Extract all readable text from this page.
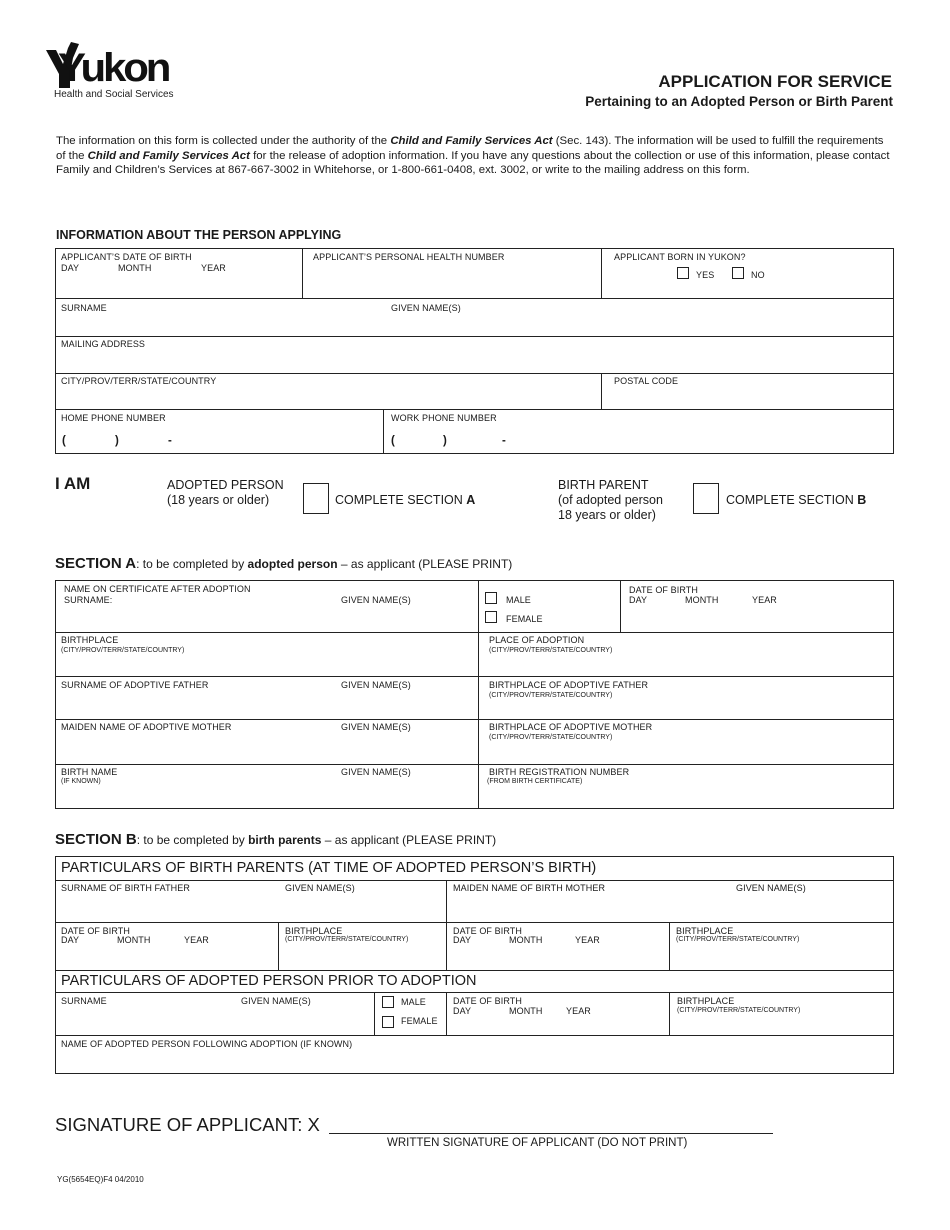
Yukon
Health and Social Services
APPLICATION FOR SERVICE
Pertaining to an Adopted Person or Birth Parent
The information on this form is collected under the authority of the Child and Family Services Act (Sec. 143). The information will be used to fulfill the requirements of the Child and Family Services Act for the release of adoption information. If you have any questions about the collection or use of this information, please contact Family and Children’s Services at 867-667-3002 in Whitehorse, or 1-800-661-0408, ext. 3002, or write to the mailing address on this form.
INFORMATION ABOUT THE PERSON APPLYING
APPLICANT’S DATE OF BIRTH
DAY	MONTH	YEAR
APPLICANT’S PERSONAL HEALTH NUMBER	APPLICANT BORN IN YUKON?
YES	NO
SURNAME	GIVEN NAME(S)
MAILING ADDRESS
CITY/PROV/TERR/STATE/COUNTRY	POSTAL CODE
HOME PHONE NUMBER
(	)	-
WORK PHONE NUMBER
(	)	-
I AM	ADOPTED PERSON
(18 years or older)	COMPLETE SECTION A
BIRTH PARENT
(of adopted person
18 years or older)
COMPLETE SECTION B
SECTION A: to be completed by adopted person – as applicant (PLEASE PRINT)
NAME ON CERTIFICATE AFTER ADOPTION
SURNAME:	GIVEN NAME(S)	MALE
FEMALE
DATE OF BIRTH
DAY	MONTH	YEAR
BIRTHPLACE
(CITY/PROV/TERR/STATE/COUNTRY)
PLACE OF ADOPTION
(CITY/PROV/TERR/STATE/COUNTRY)
SURNAME OF ADOPTIVE FATHER	GIVEN NAME(S)	BIRTHPLACE OF ADOPTIVE FATHER
(CITY/PROV/TERR/STATE/COUNTRY)
MAIDEN NAME OF ADOPTIVE MOTHER	GIVEN NAME(S)	BIRTHPLACE OF ADOPTIVE MOTHER
(CITY/PROV/TERR/STATE/COUNTRY)
BIRTH NAME
(IF KNOWN)
GIVEN NAME(S)	BIRTH REGISTRATION NUMBER
(FROM BIRTH CERTIFICATE)
SECTION B: to be completed by birth parents – as applicant (PLEASE PRINT)
PARTICULARS OF BIRTH PARENTS (AT TIME OF ADOPTED PERSON’S BIRTH)
SURNAME OF BIRTH FATHER	GIVEN NAME(S)	MAIDEN NAME OF BIRTH MOTHER	GIVEN NAME(S)
DATE OF BIRTH
DAY	MONTH	YEAR
BIRTHPLACE
(CITY/PROV/TERR/STATE/COUNTRY)
DATE OF BIRTH
DAY	MONTH	YEAR
BIRTHPLACE
(CITY/PROV/TERR/STATE/COUNTRY)
PARTICULARS OF ADOPTED PERSON PRIOR TO ADOPTION
SURNAME	GIVEN NAME(S)	MALE
FEMALE
DATE OF BIRTH
DAY	MONTH	YEAR
BIRTHPLACE
(CITY/PROV/TERR/STATE/COUNTRY)
NAME OF ADOPTED PERSON FOLLOWING ADOPTION (IF KNOWN)
SIGNATURE OF APPLICANT: X
WRITTEN SIGNATURE OF APPLICANT (DO NOT PRINT)
YG(5654EQ)F4 04/2010
